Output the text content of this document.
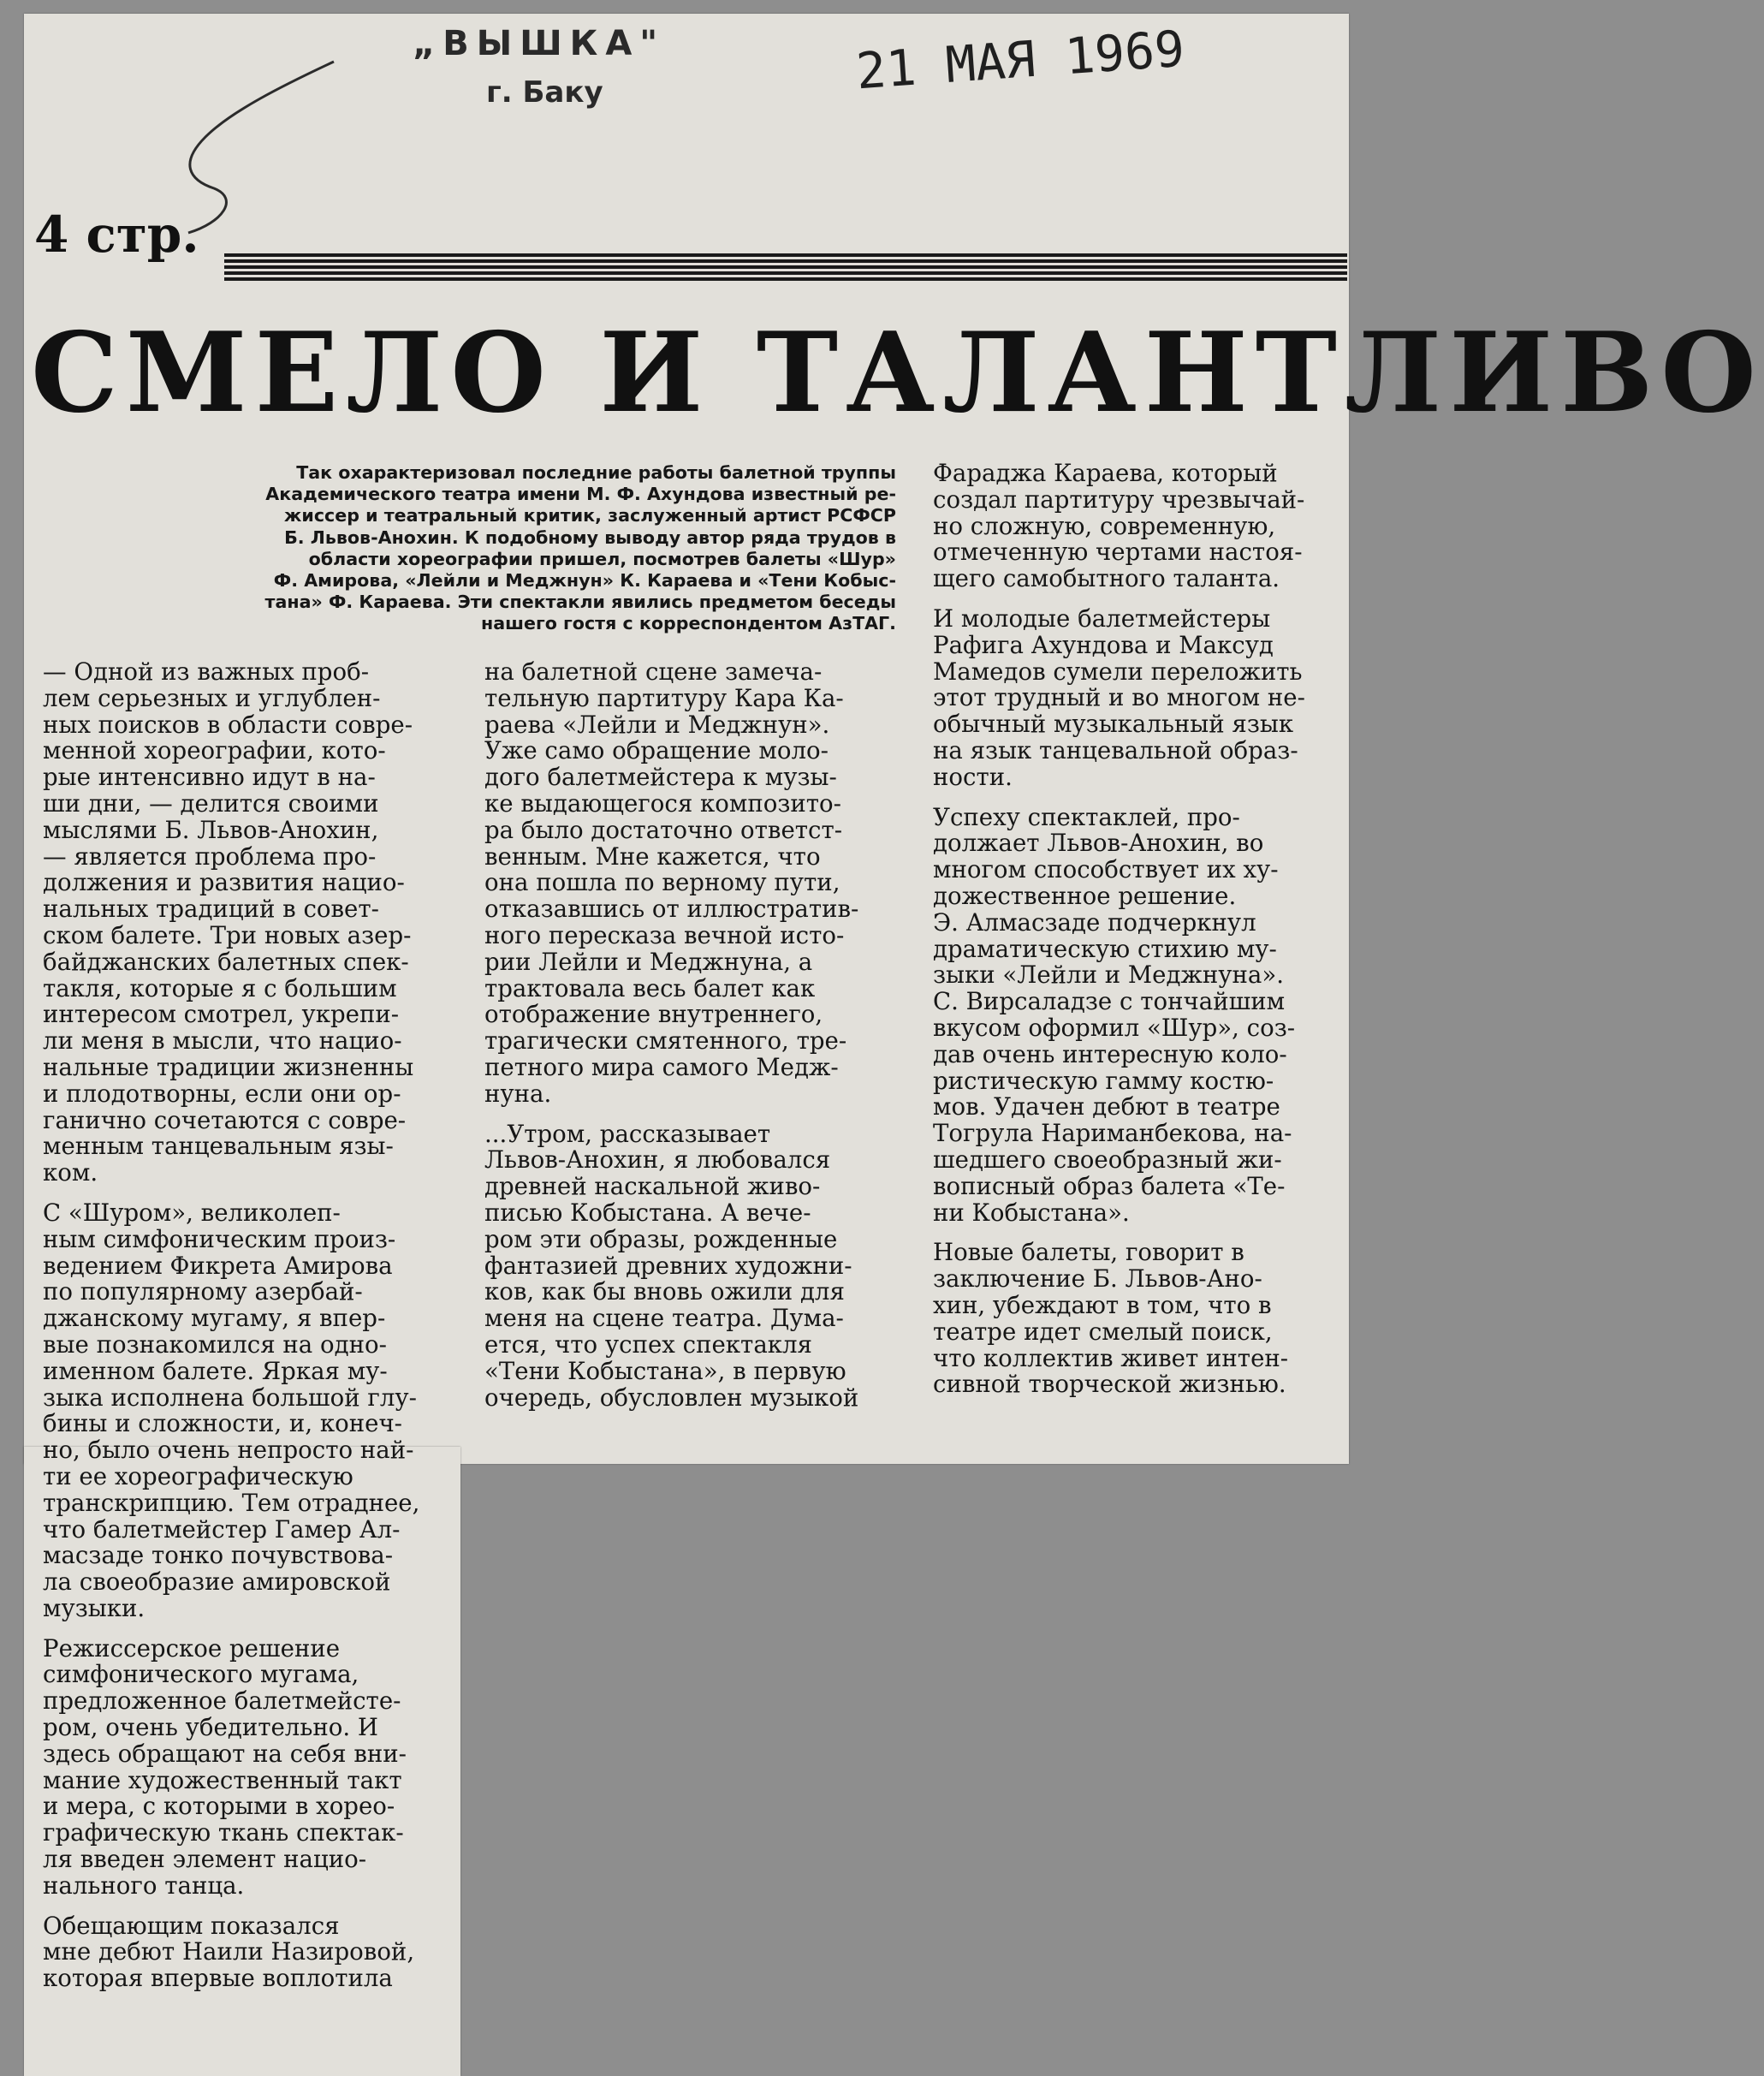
„ВЫШКА"
г. Баку	21 МАЯ 1969
4 стр.
СМЕЛО И ТАЛАНТЛИВО
Так охарактеризовал последние работы балетной труппы
Академического театра имени М. Ф. Ахундова известный ре-
жиссер и театральный критик, заслуженный артист РСФСР
Б. Львов-Анохин. К подобному выводу автор ряда трудов в
области хореографии пришел, посмотрев балеты «Шур»
Ф. Амирова, «Лейли и Меджнун» К. Караева и «Тени Кобыс-
тана» Ф. Караева. Эти спектакли явились предметом беседы
нашего гостя с корреспондентом АзТАГ.
— Одной из важных проб-
лем серьезных и углублен-
ных поисков в области совре-
менной хореографии, кото-
рые интенсивно идут в на-
ши дни, — делится своими
мыслями Б. Львов-Анохин,
— является проблема про-
должения и развития нацио-
нальных традиций в совет-
ском балете. Три новых азер-
байджанских балетных спек-
такля, которые я с большим
интересом смотрел, укрепи-
ли меня в мысли, что нацио-
нальные традиции жизненны
и плодотворны, если они ор-
ганично сочетаются с совре-
менным танцевальным язы-
ком.
С «Шуром», великолеп-
ным симфоническим произ-
ведением Фикрета Амирова
по популярному азербай-
джанскому мугаму, я впер-
вые познакомился на одно-
именном балете. Яркая му-
зыка исполнена большой глу-
бины и сложности, и, конеч-
но, было очень непросто най-
ти ее хореографическую
транскрипцию. Тем отраднее,
что балетмейстер Гамер Ал-
масзаде тонко почувствова-
ла своеобразие амировской
музыки.
Режиссерское решение
симфонического мугама,
предложенное балетмейсте-
ром, очень убедительно. И
здесь обращают на себя вни-
мание художественный такт
и мера, с которыми в хорео-
графическую ткань спектак-
ля введен элемент нацио-
нального танца.
Обещающим показался
мне дебют Наили Назировой,
которая впервые воплотила
на балетной сцене замеча-
тельную партитуру Кара Ка-
раева «Лейли и Меджнун».
Уже само обращение моло-
дого балетмейстера к музы-
ке выдающегося композито-
ра было достаточно ответст-
венным. Мне кажется, что
она пошла по верному пути,
отказавшись от иллюстратив-
ного пересказа вечной исто-
рии Лейли и Меджнуна, а
трактовала весь балет как
отображение внутреннего,
трагически смятенного, тре-
петного мира самого Медж-
нуна.
...Утром, рассказывает
Львов-Анохин, я любовался
древней наскальной живо-
писью Кобыстана. А вече-
ром эти образы, рожденные
фантазией древних художни-
ков, как бы вновь ожили для
меня на сцене театра. Дума-
ется, что успех спектакля
«Тени Кобыстана», в первую
очередь, обусловлен музыкой
Фараджа Караева, который
создал партитуру чрезвычай-
но сложную, современную,
отмеченную чертами настоя-
щего самобытного таланта.
И молодые балетмейстеры
Рафига Ахундова и Максуд
Мамедов сумели переложить
этот трудный и во многом не-
обычный музыкальный язык
на язык танцевальной образ-
ности.
Успеху спектаклей, про-
должает Львов-Анохин, во
многом способствует их ху-
дожественное решение.
Э. Алмасзаде подчеркнул
драматическую стихию му-
зыки «Лейли и Меджнуна».
С. Вирсаладзе с тончайшим
вкусом оформил «Шур», соз-
дав очень интересную коло-
ристическую гамму костю-
мов. Удачен дебют в театре
Тогрула Нариманбекова, на-
шедшего своеобразный жи-
вописный образ балета «Те-
ни Кобыстана».
Новые балеты, говорит в
заключение Б. Львов-Ано-
хин, убеждают в том, что в
театре идет смелый поиск,
что коллектив живет интен-
сивной творческой жизнью.
